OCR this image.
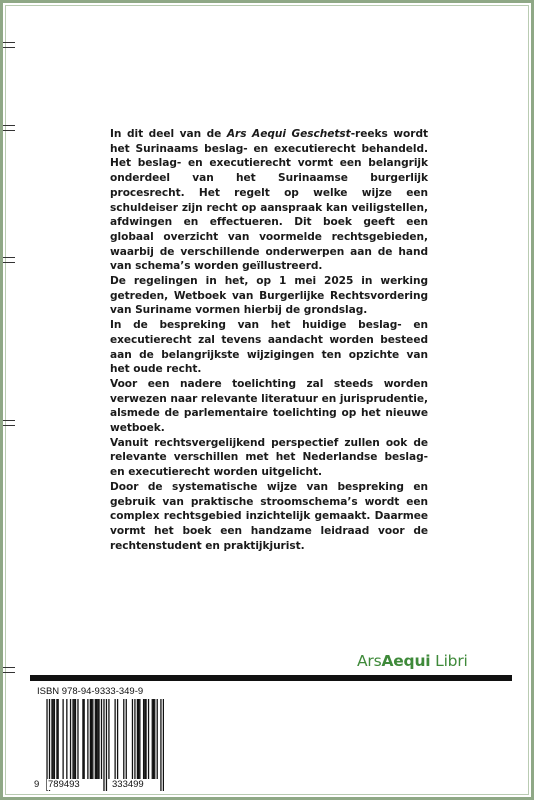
In dit deel van de Ars Aequi Geschetst-reeks wordt het Surinaams beslag- en executierecht behandeld. Het beslag- en executierecht vormt een belangrijk onderdeel van het Surinaamse burgerlijk procesrecht. Het regelt op welke wijze een schuldeiser zijn recht op aanspraak kan veiligstellen, afdwingen en effectueren. Dit boek geeft een globaal overzicht van voormelde rechtsgebieden, waarbij de verschillende onderwerpen aan de hand van schema’s worden geïllustreerd.

De regelingen in het, op 1 mei 2025 in werking getreden, Wetboek van Burgerlijke Rechtsvordering van Suriname vormen hierbij de grondslag.

In de bespreking van het huidige beslag- en executierecht zal tevens aandacht worden besteed aan de belangrijkste wijzigingen ten opzichte van het oude recht.

Voor een nadere toelichting zal steeds worden verwezen naar relevante literatuur en jurisprudentie, alsmede de parlementaire toelichting op het nieuwe wetboek.

Vanuit rechtsvergelijkend perspectief zullen ook de relevante verschillen met het Nederlandse beslag- en executierecht worden uitgelicht.

Door de systematische wijze van bespreking en gebruik van praktische stroomschema’s wordt een complex rechtsgebied inzichtelijk gemaakt. Daarmee vormt het boek een handzame leidraad voor de rechtenstudent en praktijkjurist.

ArsAequi Libri
ISBN 978-94-9333-349-9
9 789493	333499
